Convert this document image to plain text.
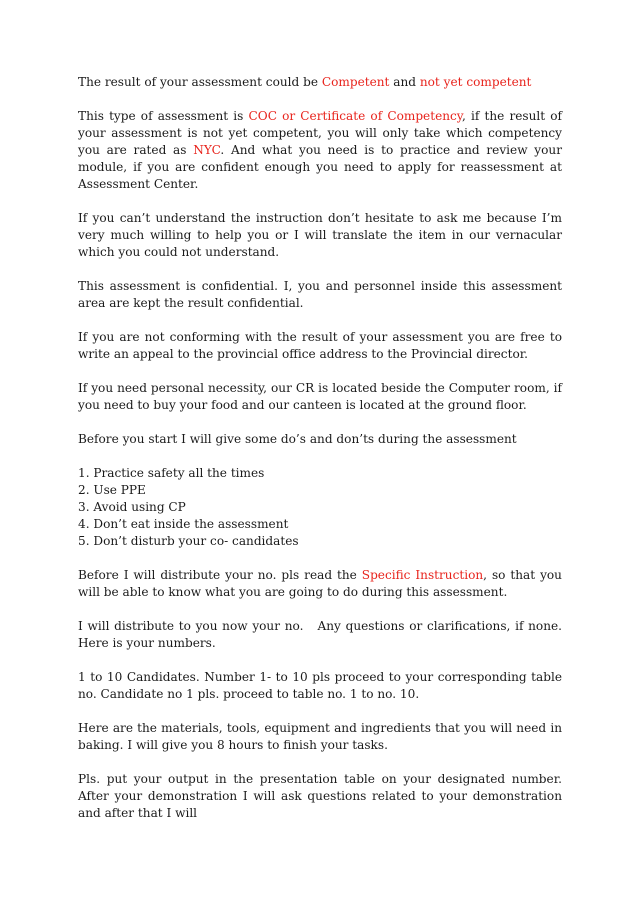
The result of your assessment could be Competent and not yet competent

This type of assessment is COC or Certificate of Competency, if the result of your assessment is not yet competent, you will only take which competency you are rated as NYC. And what you need is to practice and review your module, if you are confident enough you need to apply for reassessment at Assessment Center.

If you can’t understand the instruction don’t hesitate to ask me because I’m very much willing to help you or I will translate the item in our vernacular which you could not understand.

This assessment is confidential. I, you and personnel inside this assessment area are kept the result confidential.

If you are not conforming with the result of your assessment you are free to write an appeal to the provincial office address to the Provincial director.

If you need personal necessity, our CR is located beside the Computer room, if you need to buy your food and our canteen is located at the ground floor.

Before you start I will give some do’s and don’ts during the assessment

1. Practice safety all the times
2. Use PPE
3. Avoid using CP
4. Don’t eat inside the assessment
5. Don’t disturb your co- candidates

Before I will distribute your no. pls read the Specific Instruction, so that you will be able to know what you are going to do during this assessment.

I will distribute to you now your no.   Any questions or clarifications, if none. Here is your numbers.

1 to 10 Candidates. Number 1- to 10 pls proceed to your corresponding table no. Candidate no 1 pls. proceed to table no. 1 to no. 10.

Here are the materials, tools, equipment and ingredients that you will need in baking. I will give you 8 hours to finish your tasks.

Pls. put your output in the presentation table on your designated number. After your demonstration I will ask questions related to your demonstration and after that I will
